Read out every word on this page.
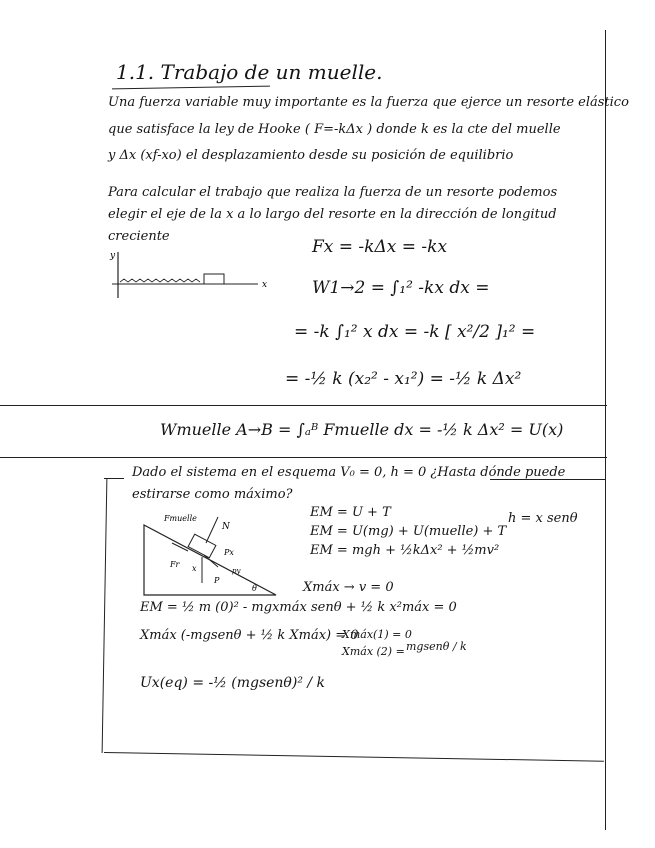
1.1. Trabajo de un muelle.
Una fuerza variable muy importante es la fuerza que ejerce un resorte elástico
que satisface la ley de Hooke ( F=-kΔx ) donde k es la cte del muelle
y Δx (xf-xo) el desplazamiento desde su posición de equilibrio
Para calcular el trabajo que realiza la fuerza de un resorte podemos
elegir el eje de la x a lo largo del resorte en la dirección de longitud
creciente
y
x
Fx = -kΔx = -kx
W1→2 = ∫₁² -kx dx =
= -k ∫₁² x dx = -k [ x²/2 ]₁² =
= -½ k (x₂² - x₁²) = -½ k Δx²
Wmuelle A→B = ∫ₐᴮ Fmuelle dx = -½ k Δx² = U(x)
Dado el sistema en el esquema V₀ = 0, h = 0 ¿Hasta dónde puede
estirarse como máximo?
Fmuelle
N
Px
Fr x
P
py
θ
EM = U + T
EM = U(mg) + U(muelle) + T
EM = mgh + ½kΔx² + ½mv²
h = x senθ
Xmáx → v = 0
EM = ½ m (0)² - mgxmáx senθ + ½ k x²máx = 0
Xmáx (-mgsenθ + ½ k Xmáx) = 0
Xmáx(1) = 0
Xmáx (2) = mgsenθ / k
Ux(eq) = -½ (mgsenθ)² / k
